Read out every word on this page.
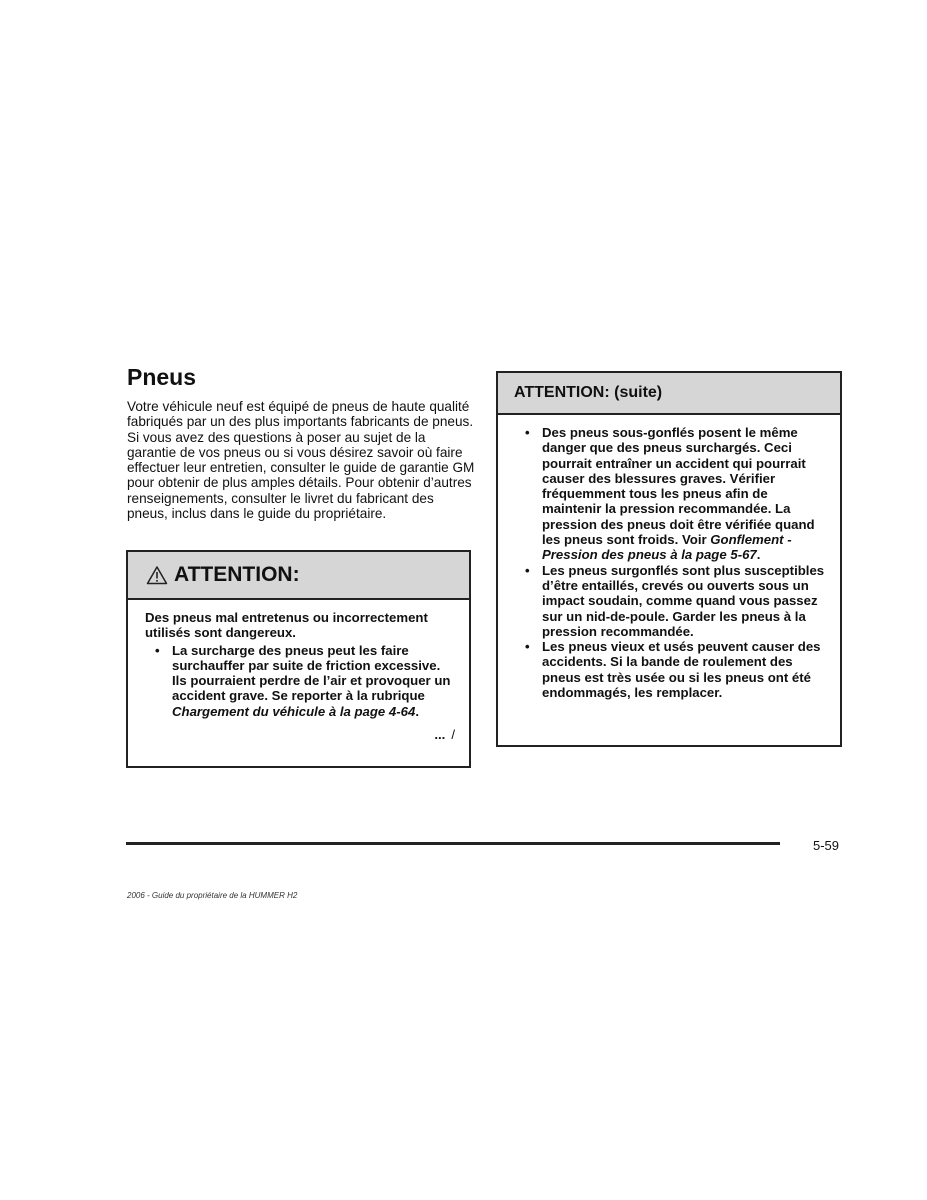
Pneus

Votre véhicule neuf est équipé de pneus de haute qualité fabriqués par un des plus importants fabricants de pneus. Si vous avez des questions à poser au sujet de la garantie de vos pneus ou si vous désirez savoir où faire effectuer leur entretien, consulter le guide de garantie GM pour obtenir de plus amples détails. Pour obtenir d’autres renseignements, consulter le livret du fabricant des pneus, inclus dans le guide du propriétaire.

ATTENTION:

Des pneus mal entretenus ou incorrectement utilisés sont dangereux.

• La surcharge des pneus peut les faire surchauffer par suite de friction excessive. Ils pourraient perdre de l’air et provoquer un accident grave. Se reporter à la rubrique Chargement du véhicule à la page 4-64.
... /
ATTENTION: (suite)
• Des pneus sous-gonflés posent le même danger que des pneus surchargés. Ceci pourrait entraîner un accident qui pourrait causer des blessures graves. Vérifier fréquemment tous les pneus afin de maintenir la pression recommandée. La pression des pneus doit être vérifiée quand les pneus sont froids. Voir Gonflement - Pression des pneus à la page 5-67.
• Les pneus surgonflés sont plus susceptibles d’être entaillés, crevés ou ouverts sous un impact soudain, comme quand vous passez sur un nid-de-poule. Garder les pneus à la pression recommandée.
• Les pneus vieux et usés peuvent causer des accidents. Si la bande de roulement des pneus est très usée ou si les pneus ont été endommagés, les remplacer.
5-59
2006 - Guide du propriétaire de la HUMMER H2
